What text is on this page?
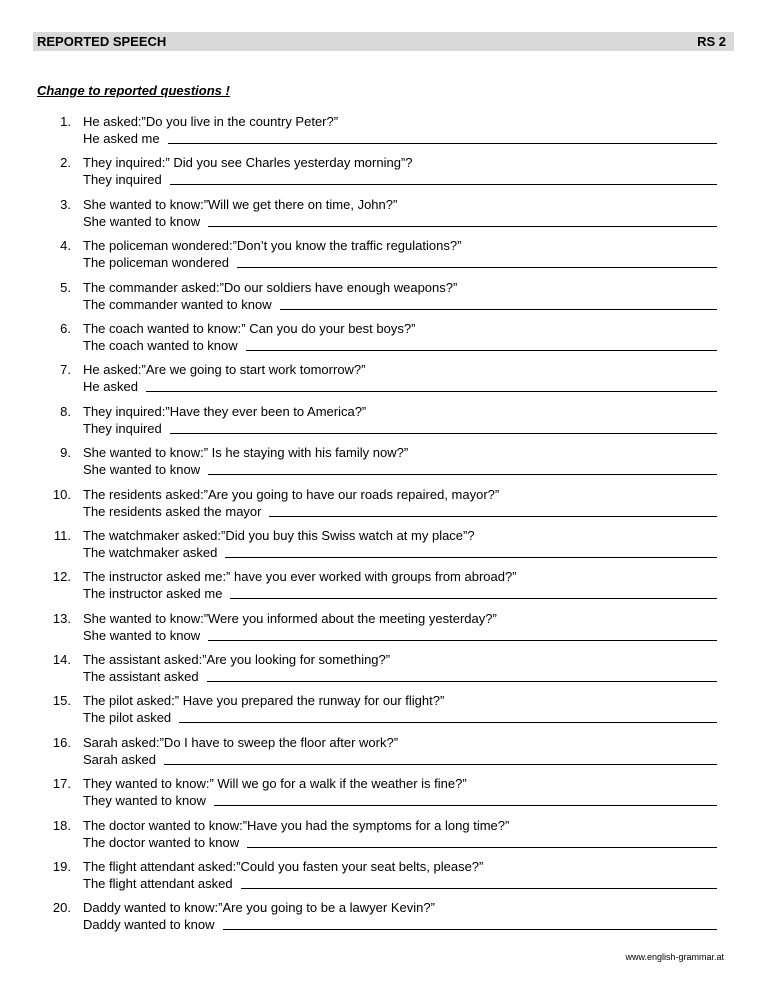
REPORTED SPEECH	RS 2
Change to reported questions !
1. He asked:”Do you live in the country Peter?”
He asked me
2. They inquired:” Did you see Charles yesterday morning”?
They inquired
3. She wanted to know:”Will we get there on time, John?”
She wanted to know
4. The policeman wondered:”Don’t you know the traffic regulations?”
The policeman wondered
5. The commander asked:”Do our soldiers have enough weapons?”
The commander wanted to know
6. The coach wanted to know:” Can you do your best boys?”
The coach wanted to know
7. He asked:”Are we going to start work tomorrow?”
He asked
8. They inquired:”Have they ever been to America?”
They inquired
9. She wanted to know:” Is he staying with his family now?”
She wanted to know
10. The residents asked:”Are you going to have our roads repaired, mayor?”
The residents asked the mayor
11. The watchmaker asked:”Did you buy this Swiss watch at my place”?
The watchmaker asked
12. The instructor asked me:” have you ever worked with groups from abroad?”
The instructor asked me
13. She wanted to know:”Were you informed about the meeting yesterday?”
She wanted to know
14. The assistant asked:”Are you looking for something?”
The assistant asked
15. The pilot asked:” Have you prepared the runway for our flight?”
The pilot asked
16. Sarah asked:”Do I have to sweep the floor after work?”
Sarah asked
17. They wanted to know:” Will we go for a walk if the weather is fine?”
They wanted to know
18. The doctor wanted to know:”Have you had the symptoms for a long time?”
The doctor wanted to know
19. The flight attendant asked:”Could you fasten your seat belts, please?”
The flight attendant asked
20. Daddy wanted to know:”Are you going to be a lawyer Kevin?”
Daddy wanted to know
www.english-grammar.at
